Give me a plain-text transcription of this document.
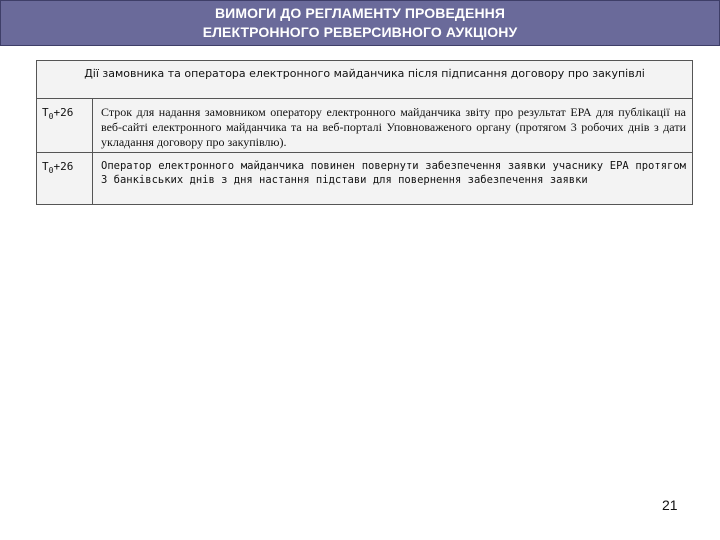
ВИМОГИ ДО РЕГЛАМЕНТУ ПРОВЕДЕННЯ
ЕЛЕКТРОННОГО РЕВЕРСИВНОГО АУКЦІОНУ
Дії замовника та оператора електронного майданчика після підписання договору про закупівлі
$T_0+26$	Строк для надання замовником оператору електронного майданчика звіту про результат ЕРА для публікації на веб-сайті електронного майданчика та на веб-порталі Уповноваженого органу (протягом 3 робочих днів з дати укладання договору про закупівлю).
$T_0+26$	Оператор електронного майданчика повинен повернути забезпечення заявки учаснику ЕРА протягом 3 банківських днів з дня настання підстави для повернення забезпечення заявки
21
